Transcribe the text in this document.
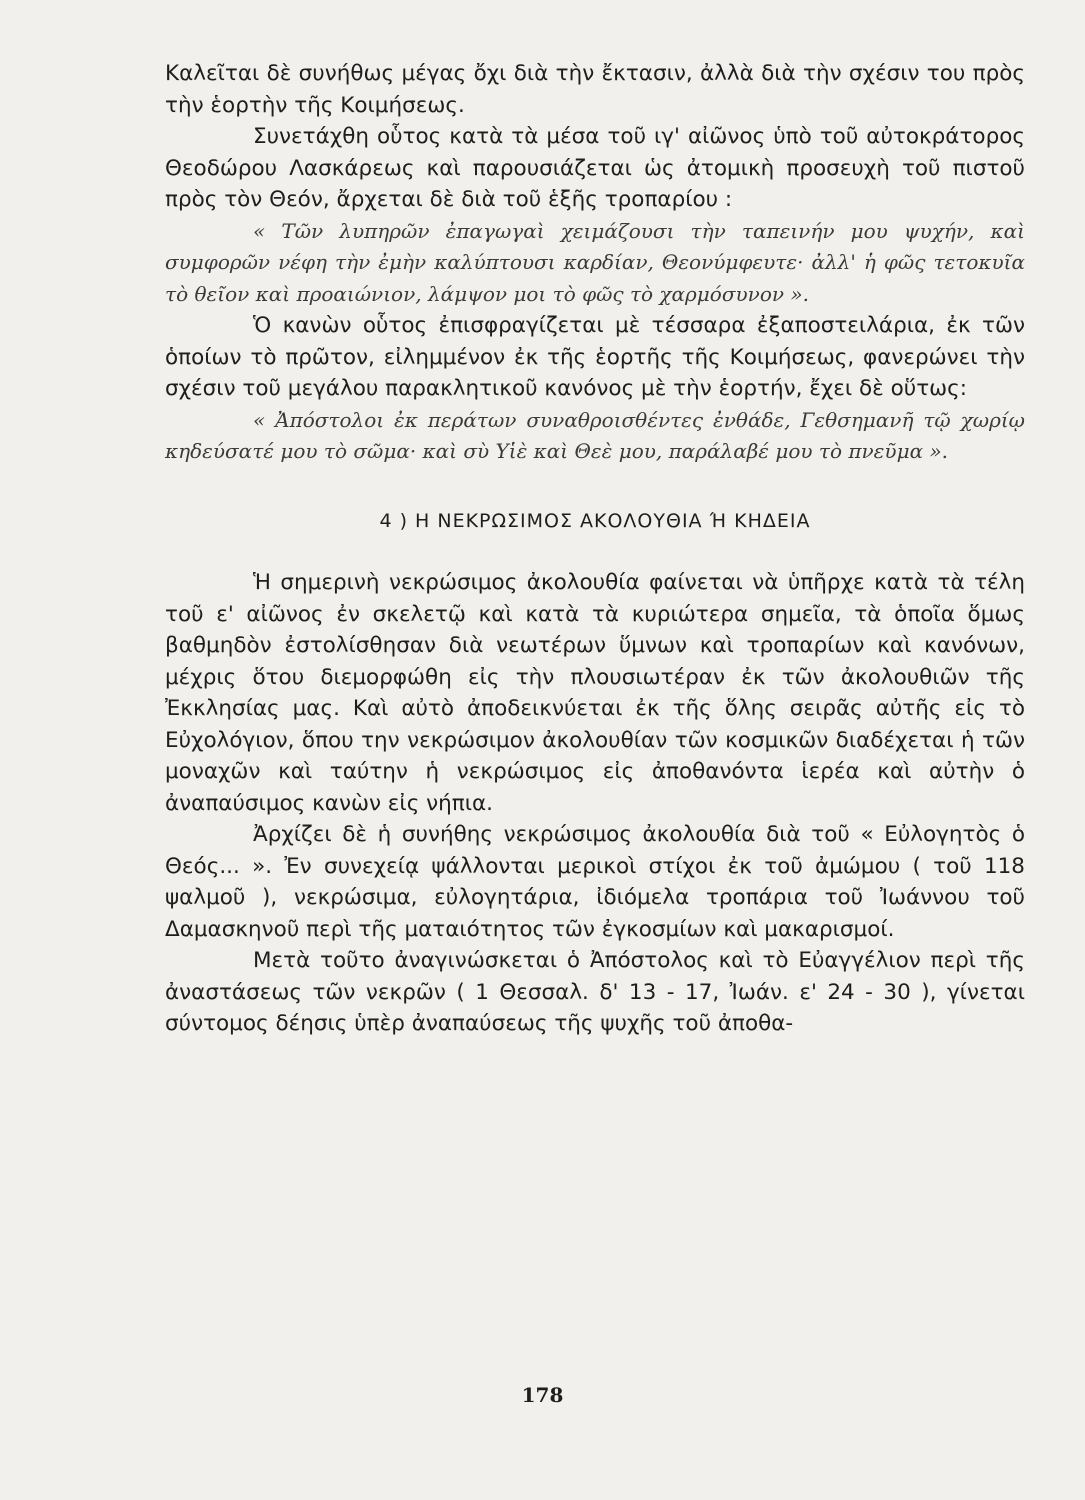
Καλεῖται δὲ συνήθως μέγας ὄχι διὰ τὴν ἔκτασιν, ἀλλὰ διὰ τὴν σχέσιν του πρὸς τὴν ἑορτὴν τῆς Κοιμήσεως.

Συνετάχθη οὗτος κατὰ τὰ μέσα τοῦ ιγ' αἰῶνος ὑπὸ τοῦ αὐτοκράτορος Θεοδώρου Λασκάρεως καὶ παρουσιάζεται ὡς ἀτομικὴ προσευχὴ τοῦ πιστοῦ πρὸς τὸν Θεόν, ἄρχεται δὲ διὰ τοῦ ἑξῆς τροπαρίου :

« Τῶν λυπηρῶν ἐπαγωγαὶ χειμάζουσι τὴν ταπεινήν μου ψυχήν, καὶ συμφορῶν νέφη τὴν ἐμὴν καλύπτουσι καρδίαν, Θεονύμφευτε· ἀλλ' ἡ φῶς τετοκυῖα τὸ θεῖον καὶ προαιώνιον, λάμψον μοι τὸ φῶς τὸ χαρμόσυνον ».

Ὁ κανὼν οὗτος ἐπισφραγίζεται μὲ τέσσαρα ἐξαποστειλάρια, ἐκ τῶν ὁποίων τὸ πρῶτον, εἰλημμένον ἐκ τῆς ἑορτῆς τῆς Κοιμήσεως, φανερώνει τὴν σχέσιν τοῦ μεγάλου παρακλητικοῦ κανόνος μὲ τὴν ἑορτήν, ἔχει δὲ οὕτως:

« Ἀπόστολοι ἐκ περάτων συναθροισθέντες ἐνθάδε, Γεθσημανῆ τῷ χωρίῳ κηδεύσατέ μου τὸ σῶμα· καὶ σὺ Υἱὲ καὶ Θεὲ μου, παράλαβέ μου τὸ πνεῦμα ».

4 ) Η ΝΕΚΡΩΣΙΜΟΣ ΑΚΟΛΟΥΘΙΑ Ή ΚΗΔΕΙΑ

Ἡ σημερινὴ νεκρώσιμος ἀκολουθία φαίνεται νὰ ὑπῆρχε κατὰ τὰ τέλη τοῦ ε' αἰῶνος ἐν σκελετῷ καὶ κατὰ τὰ κυριώτερα σημεῖα, τὰ ὁποῖα ὅμως βαθμηδὸν ἐστολίσθησαν διὰ νεωτέρων ὕμνων καὶ τροπαρίων καὶ κανόνων, μέχρις ὅτου διεμορφώθη εἰς τὴν πλουσιωτέραν ἐκ τῶν ἀκολουθιῶν τῆς Ἐκκλησίας μας. Καὶ αὐτὸ ἀποδεικνύεται ἐκ τῆς ὅλης σειρᾶς αὐτῆς εἰς τὸ Εὐχολόγιον, ὅπου την νεκρώσιμον ἀκολουθίαν τῶν κοσμικῶν διαδέχεται ἡ τῶν μοναχῶν καὶ ταύτην ἡ νεκρώσιμος εἰς ἀποθανόντα ἱερέα καὶ αὐτὴν ὁ ἀναπαύσιμος κανὼν εἰς νήπια.

Ἀρχίζει δὲ ἡ συνήθης νεκρώσιμος ἀκολουθία διὰ τοῦ « Εὐλογητὸς ὁ Θεός... ». Ἐν συνεχείᾳ ψάλλονται μερικοὶ στίχοι ἐκ τοῦ ἀμώμου ( τοῦ 118 ψαλμοῦ ), νεκρώσιμα, εὐλογητάρια, ἰδιόμελα τροπάρια τοῦ Ἰωάννου τοῦ Δαμασκηνοῦ περὶ τῆς ματαιότητος τῶν ἐγκοσμίων καὶ μακαρισμοί.

Μετὰ τοῦτο ἀναγινώσκεται ὁ Ἀπόστολος καὶ τὸ Εὐαγγέλιον περὶ τῆς ἀναστάσεως τῶν νεκρῶν ( 1 Θεσσαλ. δ' 13 - 17, Ἰωάν. ε' 24 - 30 ), γίνεται σύντομος δέησις ὑπὲρ ἀναπαύσεως τῆς ψυχῆς τοῦ ἀποθα-

178
